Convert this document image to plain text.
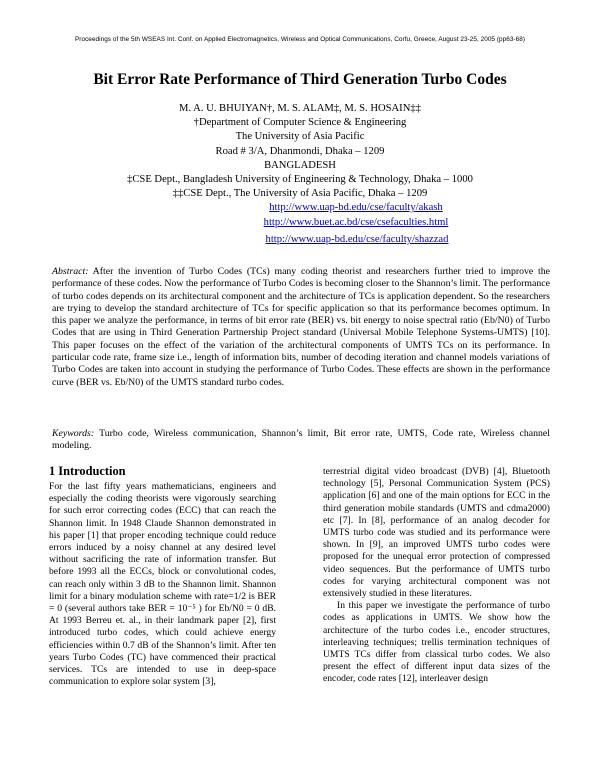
Proceedings of the 5th WSEAS Int. Conf. on Applied Electromagnetics, Wireless and Optical Communications, Corfu, Greece, August 23-25, 2005 (pp63-68)
Bit Error Rate Performance of Third Generation Turbo Codes
M. A. U. BHUIYAN†, M. S. ALAM‡, M. S. HOSAIN‡‡
†Department of Computer Science & Engineering
The University of Asia Pacific
Road # 3/A, Dhanmondi, Dhaka – 1209
BANGLADESH
‡CSE Dept., Bangladesh University of Engineering & Technology, Dhaka – 1000
‡‡CSE Dept., The University of Asia Pacific, Dhaka – 1209
http://www.uap-bd.edu/cse/faculty/akash
http://www.buet.ac.bd/cse/csefaculties.html
http://www.uap-bd.edu/cse/faculty/shazzad
Abstract: After the invention of Turbo Codes (TCs) many coding theorist and researchers further tried to improve the performance of these codes. Now the performance of Turbo Codes is becoming closer to the Shannon’s limit. The performance of turbo codes depends on its architectural component and the architecture of TCs is application dependent. So the researchers are trying to develop the standard architecture of TCs for specific application so that its performance becomes optimum. In this paper we analyze the performance, in terms of bit error rate (BER) vs. bit energy to noise spectral ratio (Eb/N0) of Turbo Codes that are using in Third Generation Partnership Project standard (Universal Mobile Telephone Systems-UMTS) [10]. This paper focuses on the effect of the variation of the architectural components of UMTS TCs on its performance. In particular code rate, frame size i.e., length of information bits, number of decoding iteration and channel models variations of Turbo Codes are taken into account in studying the performance of Turbo Codes. These effects are shown in the performance curve (BER vs. Eb/N0) of the UMTS standard turbo codes.
Keywords: Turbo code, Wireless communication, Shannon’s limit, Bit error rate, UMTS, Code rate, Wireless channel modeling.
1 Introduction

For the last fifty years mathematicians, engineers and especially the coding theorists were vigorously searching for such error correcting codes (ECC) that can reach the Shannon limit. In 1948 Claude Shannon demonstrated in his paper [1] that proper encoding technique could reduce errors induced by a noisy channel at any desired level without sacrificing the rate of information transfer. But before 1993 all the ECCs, block or convolutional codes, can reach only within 3 dB to the Shannon limit. Shannon limit for a binary modulation scheme with rate=1/2 is BER = 0 (several authors take BER = 10⁻⁵ ) for Eb/N0 = 0 dB. At 1993 Berreu et. al., in their landmark paper [2], first introduced turbo codes, which could achieve energy efficiencies within 0.7 dB of the Shannon’s limit. After ten years Turbo Codes (TC) have commenced their practical services. TCs are intended to use in deep-space communication to explore solar system [3],

terrestrial digital video broadcast (DVB) [4], Bluetooth technology [5], Personal Communication System (PCS) application [6] and one of the main options for ECC in the third generation mobile standards (UMTS and cdma2000) etc [7]. In [8], performance of an analog decoder for UMTS turbo code was studied and its performance were shown. In [9], an improved UMTS turbo codes were proposed for the unequal error protection of compressed video sequences. But the performance of UMTS turbo codes for varying architectural component was not extensively studied in these literatures.

In this paper we investigate the performance of turbo codes as applications in UMTS. We show how the architecture of the turbo codes i.e., encoder structures, interleaving techniques; trellis termination techniques of UMTS TCs differ from classical turbo codes. We also present the effect of different input data sizes of the encoder, code rates [12], interleaver design
